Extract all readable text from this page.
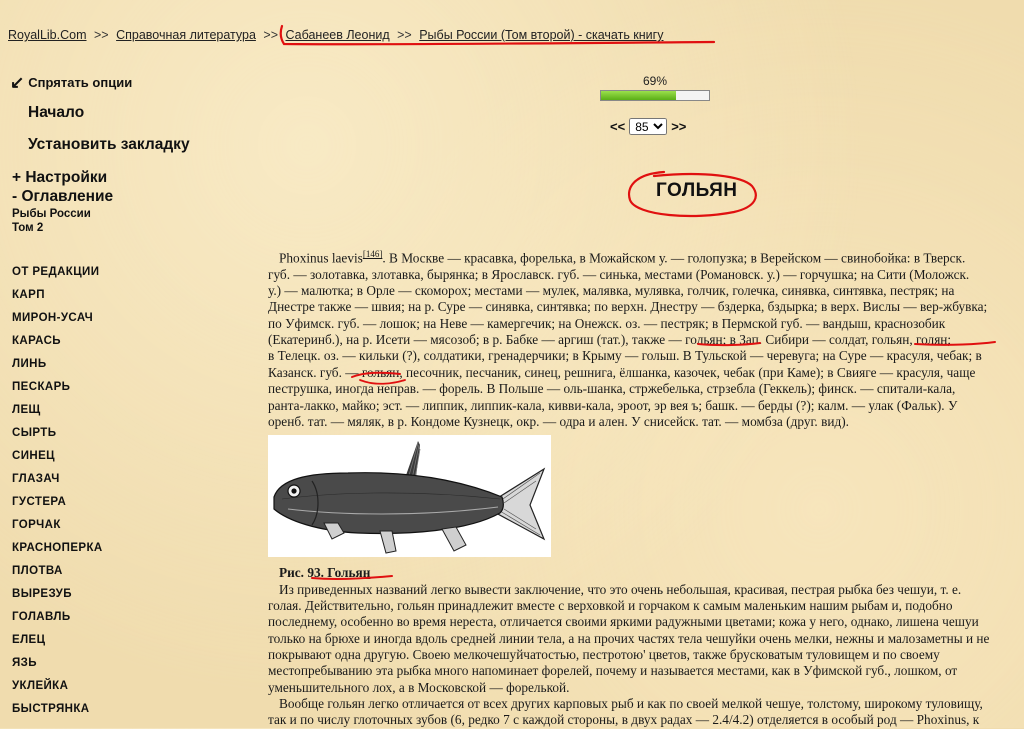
RoyalLib.Com >> Справочная литература >> Сабанеев Леонид >> Рыбы России (Том второй) - скачать книгу
↙ Спрятать опции
Начало
Установить закладку
+ Настройки
- Оглавление
Рыбы России
Том 2
ОТ РЕДАКЦИИ
КАРП
МИРОН-УСАЧ
КАРАСЬ
ЛИНЬ
ПЕСКАРЬ
ЛЕЩ
СЫРТЬ
СИНЕЦ
ГЛАЗАЧ
ГУСТЕРА
ГОРЧАК
КРАСНОПЕРКА
ПЛОТВА
ВЫРЕЗУБ
ГОЛАВЛЬ
ЕЛЕЦ
ЯЗЬ
УКЛЕЙКА
БЫСТРЯНКА
69%
<<
85	>>
ГОЛЬЯН
Phoxinus laevis[146]. В Москве — красавка, форелька, в Можайском у. — голопузка; в Верейском — свинобойка: в Тверск.
губ. — золотавка, злотавка, бырянка; в Ярославск. губ. — синька, местами (Романовск. у.) — горчушка; на Сити (Моложск.
у.) — малютка; в Орле — скоморох; местами — мулек, малявка, мулявка, голчик, голечка, синявка, синтявка, пестряк; на
Днестре также — швия; на р. Суре — синявка, синтявка; по верхн. Днестру — бздерка, бздырка; в верх. Вислы — вер-жбувка;
по Уфимск. губ. — лошок; на Неве — камергечик; на Онежск. оз. — пестряк; в Пермской губ. — вандыш, краснозобик
(Екатеринб.), на р. Исети — мясозоб; в р. Бабке — аргиш (тат.), также — гольян; в Зап. Сибири — солдат, гольян, голян;
в Телецк. оз. — кильки (?), солдатики, гренадерчики; в Крыму — гольш. В Тульской — черевуга; на Суре — красуля, чебак; в
Казанск. губ. — гольян, песочник, песчаник, синец, решнига, ёлшанка, казочек, чебак (при Каме); в Свияге — красуля, чаще
пеструшка, иногда неправ. — форель. В Польше — оль-шанка, стржебелька, стрзебла (Геккель); финск. — спитали-кала,
ранта-лакко, майко; эст. — липпик, липпик-кала, кивви-кала, эроот, эр вея ъ; башк. — берды (?); калм. — улак (Фальк). У
оренб. тат. — мяляк, в р. Кондоме Кузнецк, окр. — одра и ален. У снисейск. тат. — момбза (друг. вид).
Рис. 93. Гольян
Из приведенных названий легко вывести заключение, что это очень небольшая, красивая, пестрая рыбка без чешуи, т. е.
голая. Действительно, гольян принадлежит вместе с верховкой и горчаком к самым маленьким нашим рыбам и, подобно
последнему, особенно во время нереста, отличается своими яркими радужными цветами; кожа у него, однако, лишена чешуи
только на брюхе и иногда вдоль средней линии тела, а на прочих частях тела чешуйки очень мелки, нежны и малозаметны и не
покрывают одна другую. Своею мелкочешуйчатостью, пестротою' цветов, также брусковатым туловищем и по своему
местопребыванию эта рыбка много напоминает форелей, почему и называется местами, как в Уфимской губ., лошком, от
уменьшительного лох, а в Московской — форелькой.
Вообще гольян легко отличается от всех других карповых рыб и как по своей мелкой чешуе, толстому, широкому туловищу,
так и по числу глоточных зубов (6, редко 7 с каждой стороны, в двух радах — 2.4/4.2) отделяется в особый род — Phoxinus, к
